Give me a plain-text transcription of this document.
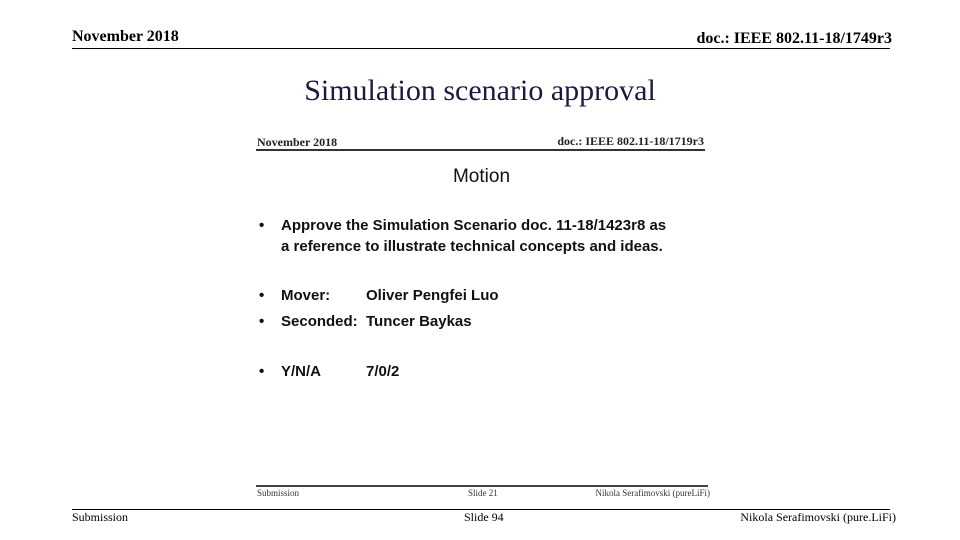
November 2018	doc.: IEEE 802.11-18/1749r3
Simulation scenario approval
November 2018	doc.: IEEE 802.11-18/1719r3
Motion
• Approve the Simulation Scenario doc. 11-18/1423r8 as
a reference to illustrate technical concepts and ideas.
• Mover: Oliver Pengfei Luo
• Seconded: Tuncer Baykas
• Y/N/A	7/0/2
Submission	Slide 21	Nikola Serafimovski (pureLiFi)
Submission	Slide 94	Nikola Serafimovski (pure.LiFi)
